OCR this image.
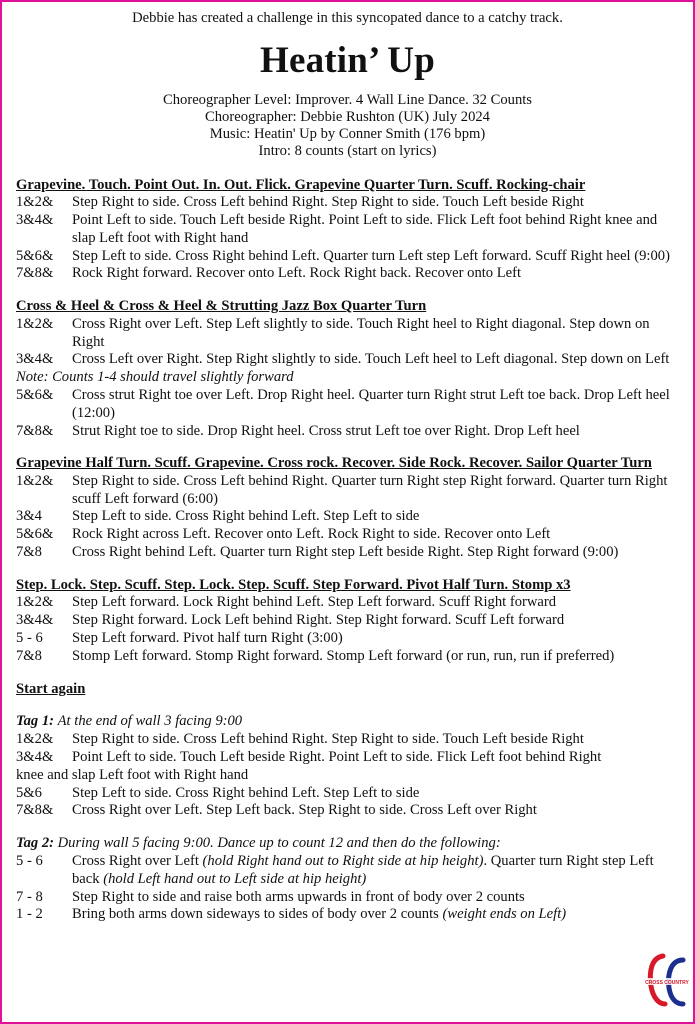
Debbie has created a challenge in this syncopated dance to a catchy track.
Heatin’ Up
Choreographer Level: Improver. 4 Wall Line Dance. 32 Counts
Choreographer: Debbie Rushton (UK) July 2024
Music: Heatin' Up by Conner Smith (176 bpm)
Intro: 8 counts (start on lyrics)
Grapevine. Touch. Point Out. In. Out. Flick. Grapevine Quarter Turn. Scuff. Rocking-chair
1&2&	Step Right to side. Cross Left behind Right. Step Right to side. Touch Left beside Right
3&4&	Point Left to side. Touch Left beside Right. Point Left to side. Flick Left foot behind Right knee and slap Left foot with Right hand
5&6&	Step Left to side. Cross Right behind Left. Quarter turn Left step Left forward. Scuff Right heel (9:00)
7&8&	Rock Right forward. Recover onto Left. Rock Right back. Recover onto Left
Cross & Heel & Cross & Heel & Strutting Jazz Box Quarter Turn
1&2&	Cross Right over Left. Step Left slightly to side. Touch Right heel to Right diagonal. Step down on Right
3&4&	Cross Left over Right. Step Right slightly to side. Touch Left heel to Left diagonal. Step down on Left
Note: Counts 1-4 should travel slightly forward
5&6&	Cross strut Right toe over Left. Drop Right heel. Quarter turn Right strut Left toe back. Drop Left heel (12:00)
7&8&	Strut Right toe to side. Drop Right heel. Cross strut Left toe over Right. Drop Left heel
Grapevine Half Turn. Scuff. Grapevine. Cross rock. Recover. Side Rock. Recover. Sailor Quarter Turn
1&2&	Step Right to side. Cross Left behind Right. Quarter turn Right step Right forward. Quarter turn Right scuff Left forward (6:00)
3&4	Step Left to side. Cross Right behind Left. Step Left to side
5&6&	Rock Right across Left. Recover onto Left. Rock Right to side. Recover onto Left
7&8	Cross Right behind Left. Quarter turn Right step Left beside Right. Step Right forward (9:00)
Step. Lock. Step. Scuff. Step. Lock. Step. Scuff. Step Forward. Pivot Half Turn. Stomp x3
1&2&	Step Left forward. Lock Right behind Left. Step Left forward. Scuff Right forward
3&4&	Step Right forward. Lock Left behind Right. Step Right forward. Scuff Left forward
5 - 6	Step Left forward. Pivot half turn Right (3:00)
7&8	Stomp Left forward. Stomp Right forward. Stomp Left forward (or run, run, run if preferred)
Start again
Tag 1: At the end of wall 3 facing 9:00
1&2&	Step Right to side. Cross Left behind Right. Step Right to side. Touch Left beside Right
3&4&	Point Left to side. Touch Left beside Right. Point Left to side. Flick Left foot behind Right
knee and slap Left foot with Right hand
5&6	Step Left to side. Cross Right behind Left. Step Left to side
7&8&	Cross Right over Left. Step Left back. Step Right to side. Cross Left over Right
Tag 2: During wall 5 facing 9:00. Dance up to count 12 and then do the following:
5 - 6	Cross Right over Left (hold Right hand out to Right side at hip height). Quarter turn Right step Left back (hold Left hand out to Left side at hip height)
7 - 8	Step Right to side and raise both arms upwards in front of body over 2 counts
1 - 2	Bring both arms down sideways to sides of body over 2 counts (weight ends on Left)
CROSS COUNTRY
